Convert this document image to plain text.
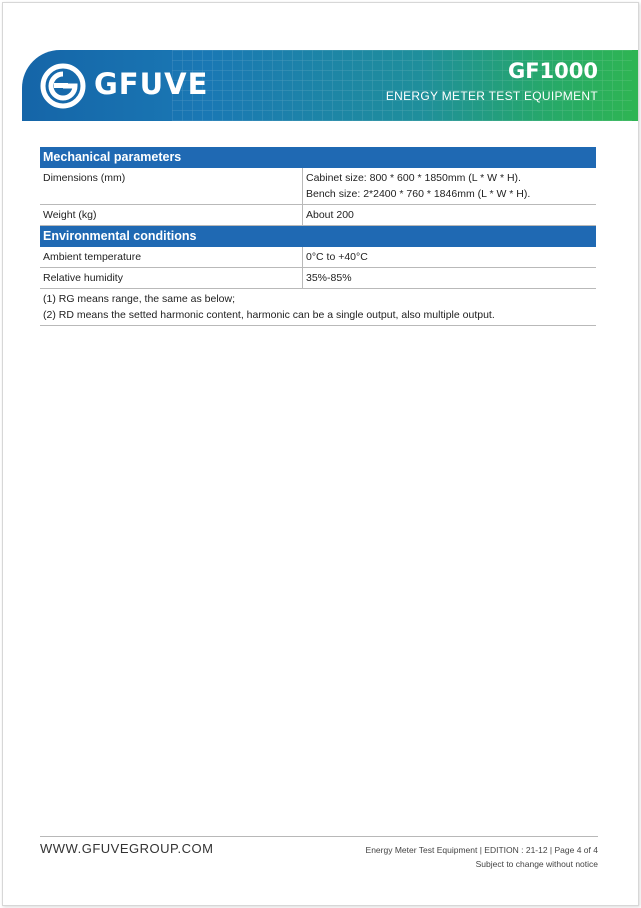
GFUVE	GF1000
ENERGY METER TEST EQUIPMENT
Mechanical parameters	
Dimensions (mm)	Cabinet size: 800 * 600 * 1850mm (L * W * H).
Bench size: 2*2400 * 760 * 1846mm (L * W * H).

Weight (kg)	About 200
Environmental conditions	
Ambient temperature	0°C to +40°C
Relative humidity	35%-85%

(1) RG means range, the same as below;
(2) RD means the setted harmonic content, harmonic can be a single output, also multiple output.	
WWW.GFUVEGROUP.COM	Energy Meter Test Equipment | EDITION : 21-12 | Page 4 of 4
Subject to change without notice
